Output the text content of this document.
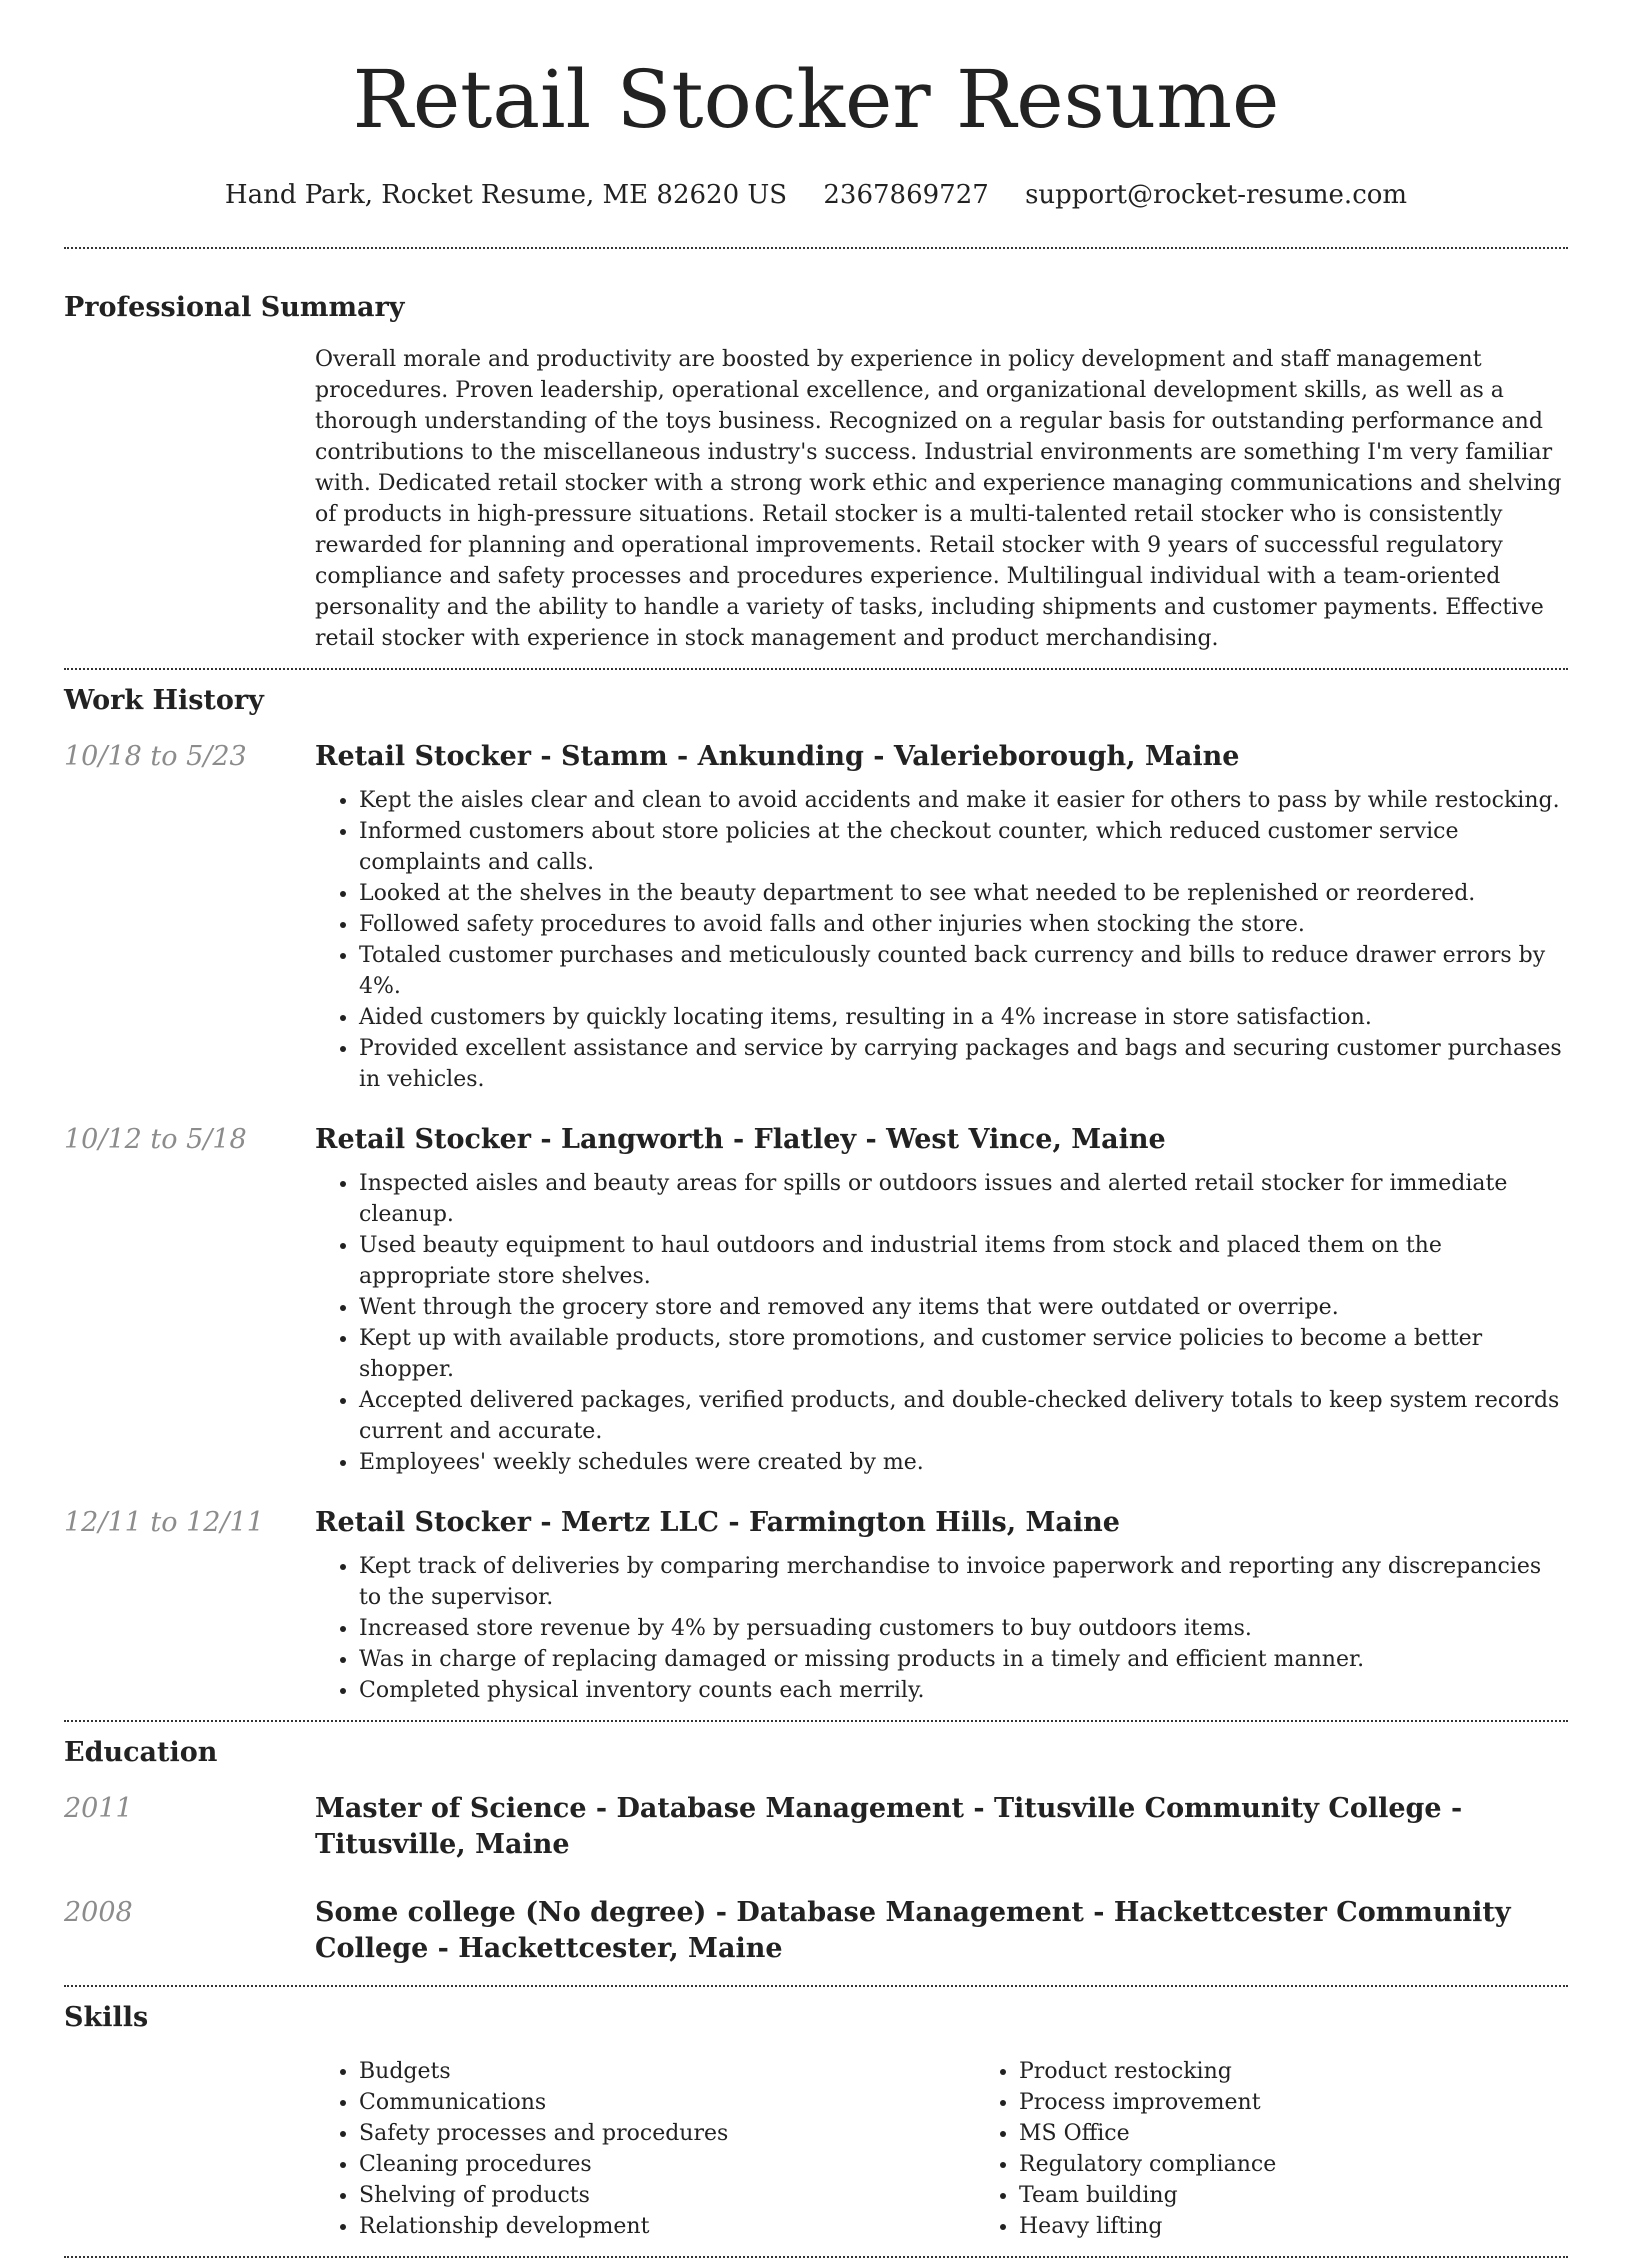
Retail Stocker Resume
Hand Park, Rocket Resume, ME 82620 US 2367869727 support@rocket-resume.com
Professional Summary

Overall morale and productivity are boosted by experience in policy development and staff management procedures. Proven leadership, operational excellence, and organizational development skills, as well as a thorough understanding of the toys business. Recognized on a regular basis for outstanding performance and contributions to the miscellaneous industry's success. Industrial environments are something I'm very familiar with. Dedicated retail stocker with a strong work ethic and experience managing communications and shelving of products in high-pressure situations. Retail stocker is a multi-talented retail stocker who is consistently rewarded for planning and operational improvements. Retail stocker with 9 years of successful regulatory compliance and safety processes and procedures experience. Multilingual individual with a team-oriented personality and the ability to handle a variety of tasks, including shipments and customer payments. Effective retail stocker with experience in stock management and product merchandising.

Work History
10/18 to 5/23	Retail Stocker - Stamm - Ankunding - Valerieborough, Maine
• Kept the aisles clear and clean to avoid accidents and make it easier for others to pass by while restocking.
• Informed customers about store policies at the checkout counter, which reduced customer service complaints and calls.
• Looked at the shelves in the beauty department to see what needed to be replenished or reordered.
• Followed safety procedures to avoid falls and other injuries when stocking the store.
• Totaled customer purchases and meticulously counted back currency and bills to reduce drawer errors by 4%.
• Aided customers by quickly locating items, resulting in a 4% increase in store satisfaction.
• Provided excellent assistance and service by carrying packages and bags and securing customer purchases in vehicles.
10/12 to 5/18	Retail Stocker - Langworth - Flatley - West Vince, Maine
• Inspected aisles and beauty areas for spills or outdoors issues and alerted retail stocker for immediate cleanup.
• Used beauty equipment to haul outdoors and industrial items from stock and placed them on the appropriate store shelves.
• Went through the grocery store and removed any items that were outdated or overripe.
• Kept up with available products, store promotions, and customer service policies to become a better shopper.
• Accepted delivered packages, verified products, and double-checked delivery totals to keep system records current and accurate.
• Employees' weekly schedules were created by me.
12/11 to 12/11	Retail Stocker - Mertz LLC - Farmington Hills, Maine
• Kept track of deliveries by comparing merchandise to invoice paperwork and reporting any discrepancies to the supervisor.
• Increased store revenue by 4% by persuading customers to buy outdoors items.
• Was in charge of replacing damaged or missing products in a timely and efficient manner.
• Completed physical inventory counts each merrily.
Education
2011	Master of Science - Database Management - Titusville Community College - Titusville, Maine
2008	Some college (No degree) - Database Management - Hackettcester Community College - Hackettcester, Maine
Skills
• Budgets
• Communications
• Safety processes and procedures
• Cleaning procedures
• Shelving of products
• Relationship development
• Product restocking
• Process improvement
• MS Office
• Regulatory compliance
• Team building
• Heavy lifting
